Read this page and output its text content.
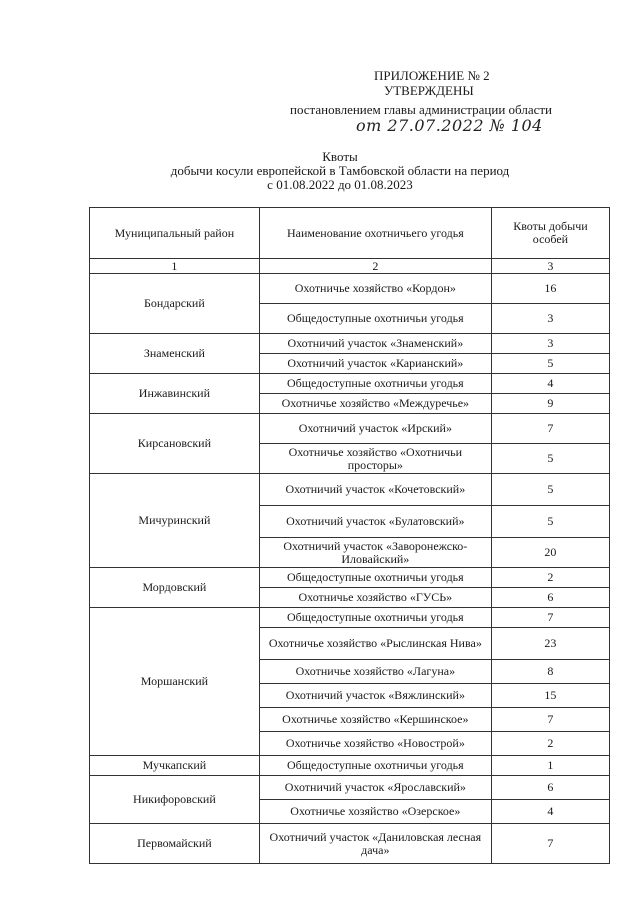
ПРИЛОЖЕНИЕ № 2
УТВЕРЖДЕНЫ
постановлением главы администрации области
от 27.07.2022 № 104
Квоты
добычи косули европейской в Тамбовской области на период
с 01.08.2022 до 01.08.2023
Муниципальный район	Наименование охотничьего угодья	Квоты добычи особей
1	2	3
Бондарский	Охотничье хозяйство «Кордон»	16
	Общедоступные охотничьи угодья	3
Знаменский	Охотничий участок «Знаменский»	3
	Охотничий участок «Карианский»	5
Инжавинский	Общедоступные охотничьи угодья	4
	Охотничье хозяйство «Междуречье»	9
Кирсановский	Охотничий участок «Ирский»	7
	Охотничье хозяйство «Охотничьи просторы»	5
Мичуринский	Охотничий участок «Кочетовский»	5
	Охотничий участок «Булатовский»	5
	Охотничий участок «Заворонежско-Иловайский»	20
Мордовский	Общедоступные охотничьи угодья	2
	Охотничье хозяйство «ГУСЬ»	6
Моршанский	Общедоступные охотничьи угодья	7
	Охотничье хозяйство «Рыслинская Нива»	23
	Охотничье хозяйство «Лагуна»	8
	Охотничий участок «Вяжлинский»	15
	Охотничье хозяйство «Кершинское»	7
	Охотничье хозяйство «Новострой»	2
Мучкапский	Общедоступные охотничьи угодья	1
Никифоровский	Охотничий участок «Ярославский»	6
	Охотничье хозяйство «Озерское»	4
Первомайский	Охотничий участок «Даниловская лесная дача»	7
